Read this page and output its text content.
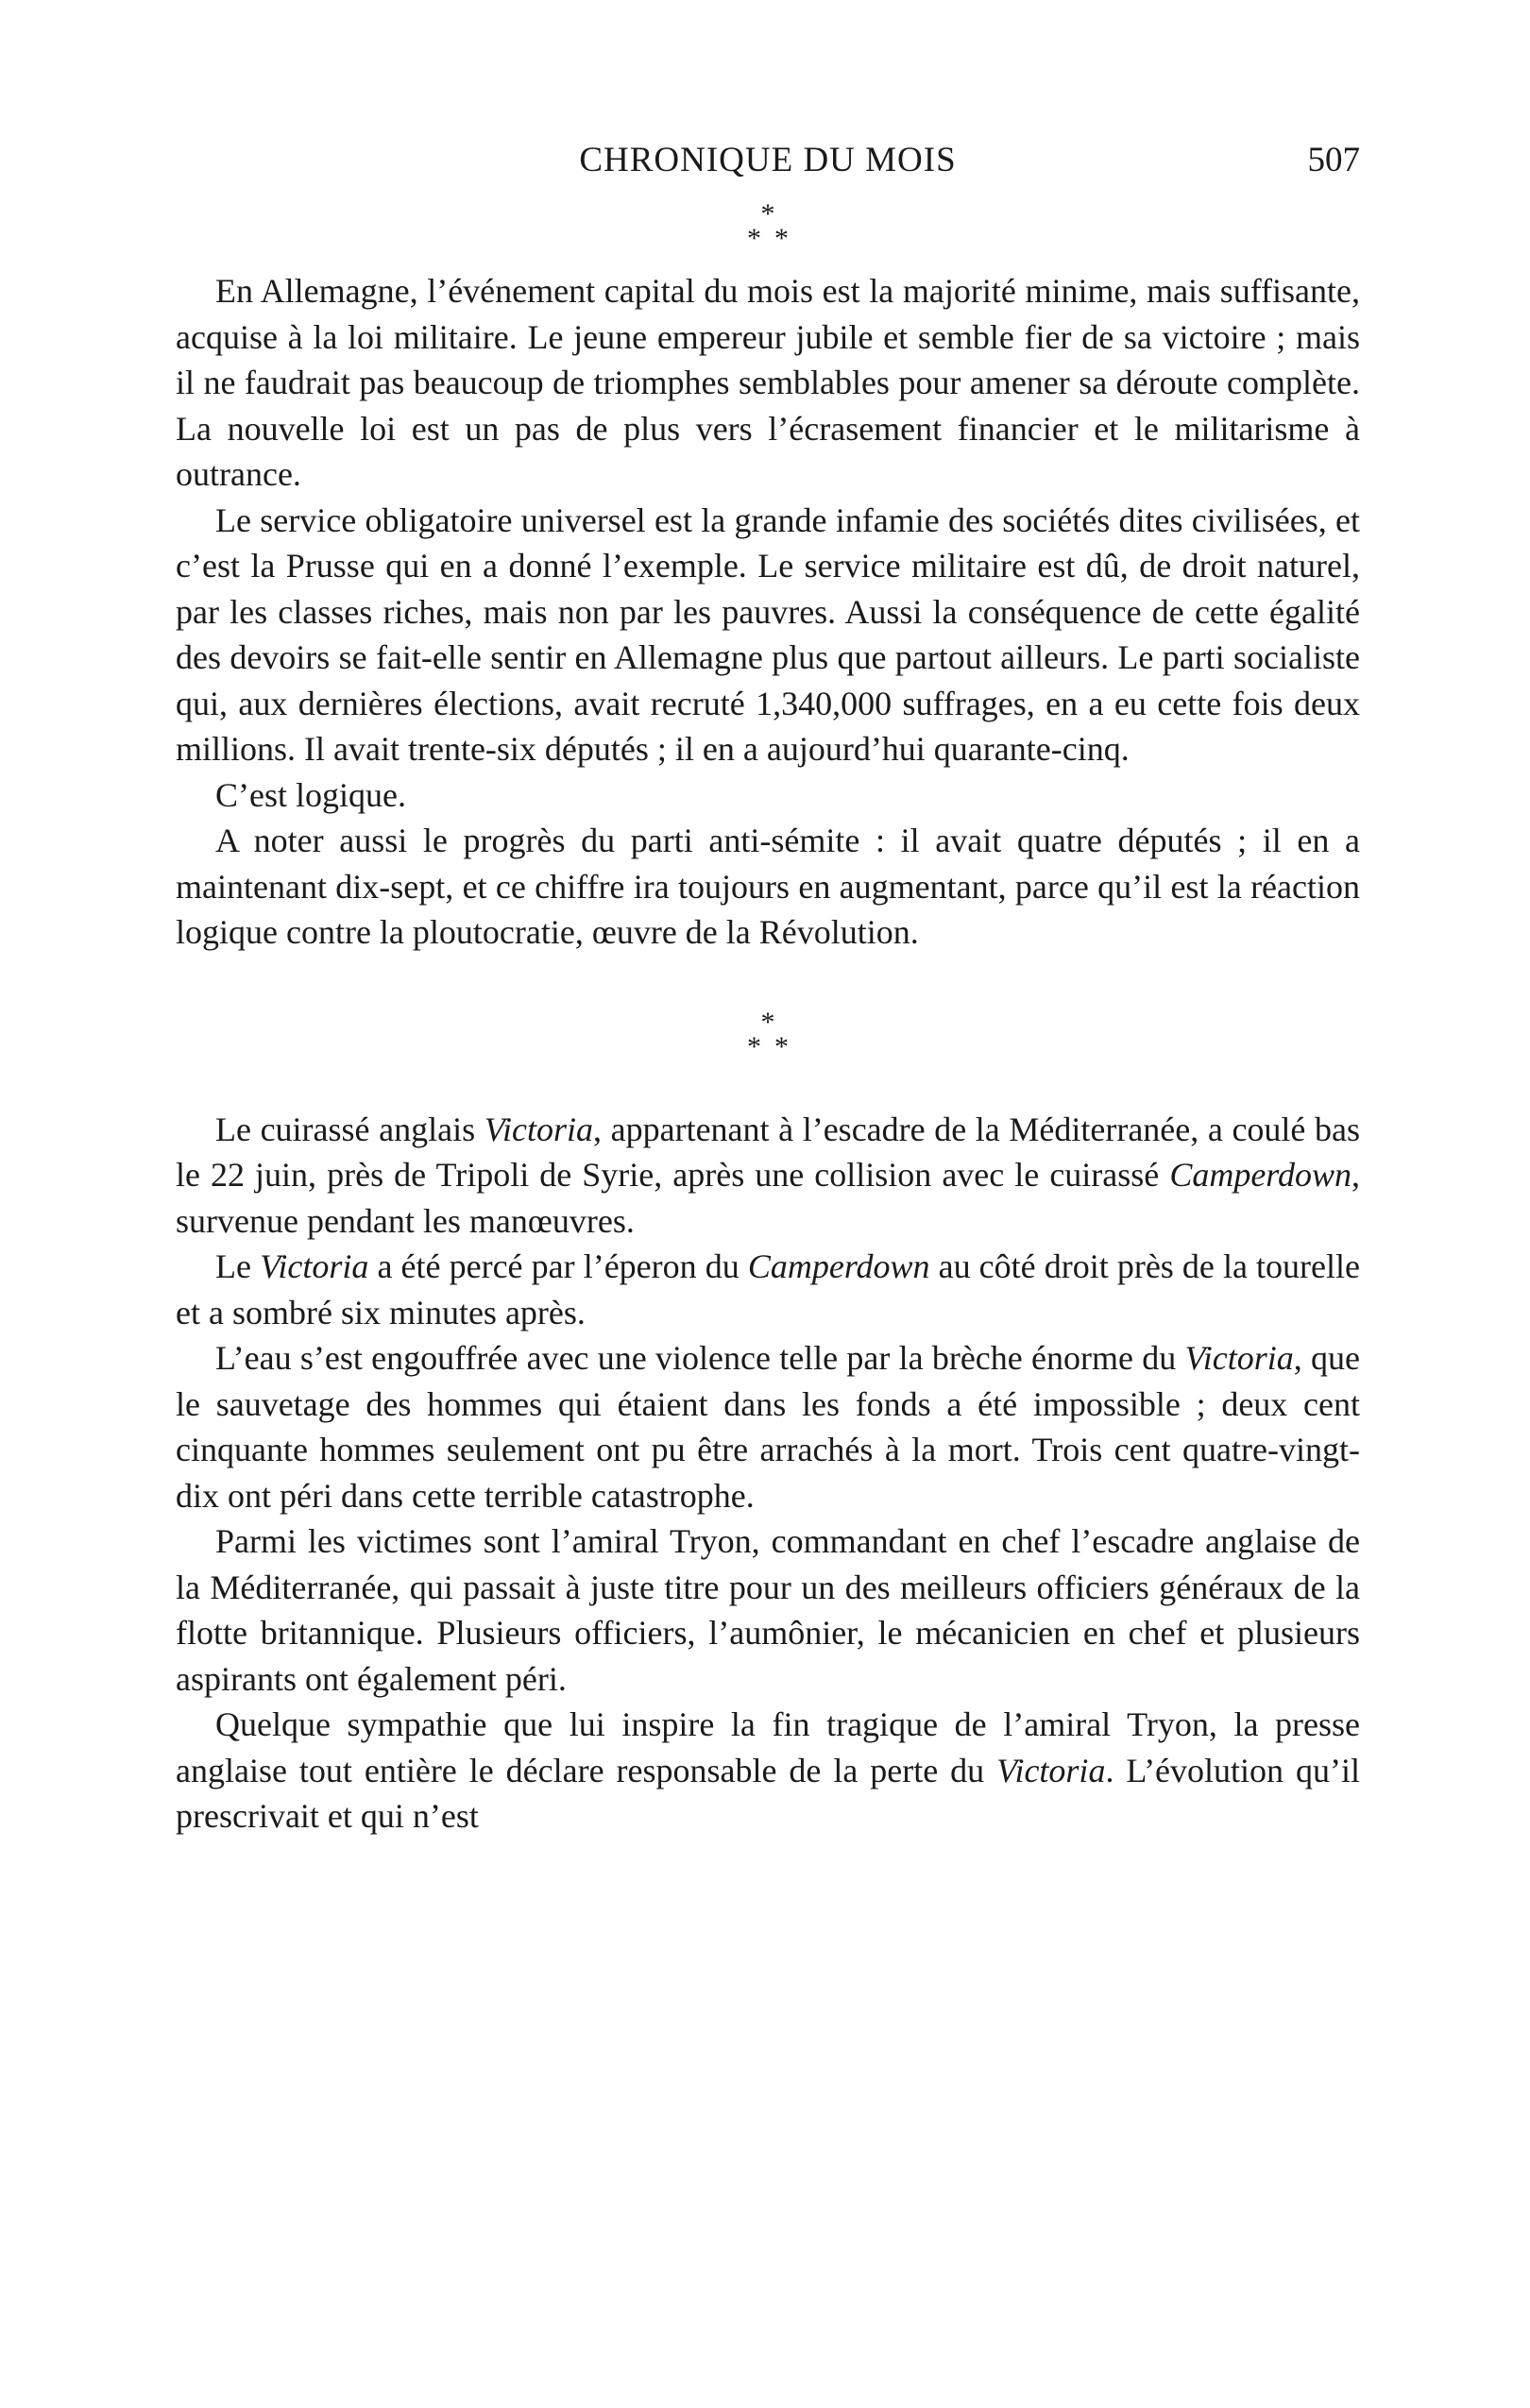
CHRONIQUE DU MOIS	507
*
**

En Allemagne, l’événement capital du mois est la majorité minime, mais suffisante, acquise à la loi militaire. Le jeune empereur jubile et semble fier de sa victoire ; mais il ne faudrait pas beaucoup de triomphes semblables pour amener sa déroute complète. La nouvelle loi est un pas de plus vers l’écrasement financier et le militarisme à outrance.

Le service obligatoire universel est la grande infamie des sociétés dites civilisées, et c’est la Prusse qui en a donné l’exemple. Le service militaire est dû, de droit naturel, par les classes riches, mais non par les pauvres. Aussi la conséquence de cette égalité des devoirs se fait-elle sentir en Allemagne plus que partout ailleurs. Le parti socialiste qui, aux dernières élections, avait recruté 1,340,000 suffrages, en a eu cette fois deux millions. Il avait trente-six députés ; il en a aujourd’hui quarante-cinq.

C’est logique.

A noter aussi le progrès du parti anti-sémite : il avait quatre députés ; il en a maintenant dix-sept, et ce chiffre ira toujours en augmentant, parce qu’il est la réaction logique contre la ploutocratie, œuvre de la Révolution.

*
**

Le cuirassé anglais Victoria, appartenant à l’escadre de la Méditerranée, a coulé bas le 22 juin, près de Tripoli de Syrie, après une collision avec le cuirassé Camperdown, survenue pendant les manœuvres.

Le Victoria a été percé par l’éperon du Camperdown au côté droit près de la tourelle et a sombré six minutes après.

L’eau s’est engouffrée avec une violence telle par la brèche énorme du Victoria, que le sauvetage des hommes qui étaient dans les fonds a été impossible ; deux cent cinquante hommes seulement ont pu être arrachés à la mort. Trois cent quatre-vingt-dix ont péri dans cette terrible catastrophe.

Parmi les victimes sont l’amiral Tryon, commandant en chef l’escadre anglaise de la Méditerranée, qui passait à juste titre pour un des meilleurs officiers généraux de la flotte britannique. Plusieurs officiers, l’aumônier, le mécanicien en chef et plusieurs aspirants ont également péri.

Quelque sympathie que lui inspire la fin tragique de l’amiral Tryon, la presse anglaise tout entière le déclare responsable de la perte du Victoria. L’évolution qu’il prescrivait et qui n’est
